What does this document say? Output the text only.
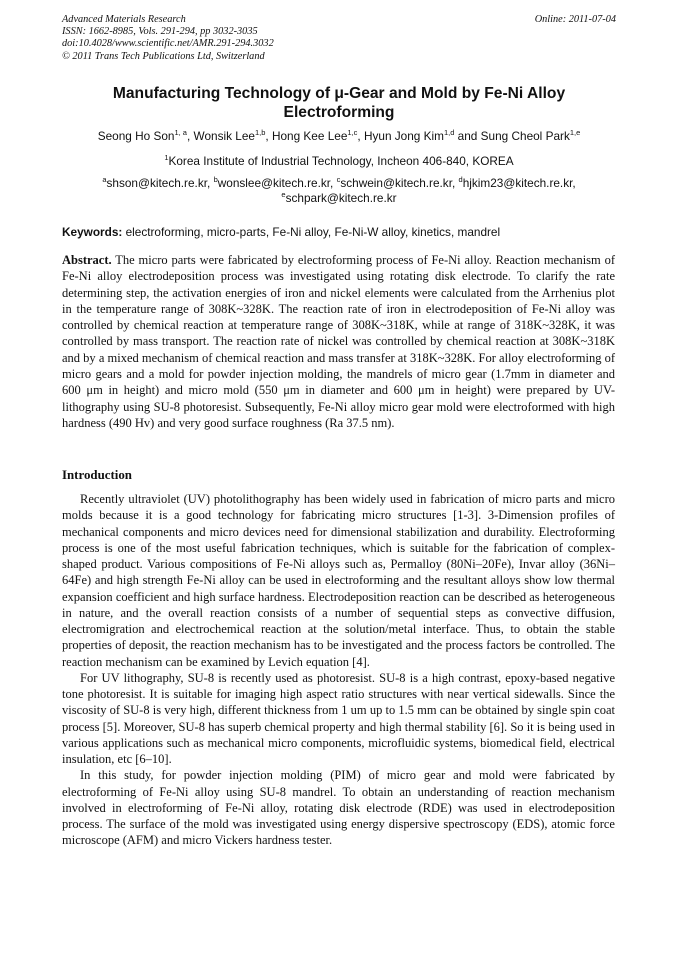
Advanced Materials Research
ISSN: 1662-8985, Vols. 291-294, pp 3032-3035
doi:10.4028/www.scientific.net/AMR.291-294.3032
© 2011 Trans Tech Publications Ltd, Switzerland
Online: 2011-07-04
Manufacturing Technology of μ-Gear and Mold by Fe-Ni Alloy
Electroforming
Seong Ho Son$^{1, a}$, Wonsik Lee$^{1,b}$, Hong Kee Lee$^{1,c}$, Hyun Jong Kim$^{1,d}$ and Sung Cheol Park$^{1,e}$
$^1$Korea Institute of Industrial Technology, Incheon 406-840, KOREA
$^a$shson@kitech.re.kr, $^b$wonslee@kitech.re.kr, $^c$schwein@kitech.re.kr, $^d$hjkim23@kitech.re.kr,
$^e$schpark@kitech.re.kr
Keywords: electroforming, micro-parts, Fe-Ni alloy, Fe-Ni-W alloy, kinetics, mandrel
Abstract. The micro parts were fabricated by electroforming process of Fe-Ni alloy. Reaction mechanism of Fe-Ni alloy electrodeposition process was investigated using rotating disk electrode. To clarify the rate determining step, the activation energies of iron and nickel elements were calculated from the Arrhenius plot in the temperature range of 308K~328K. The reaction rate of iron in electrodeposition of Fe-Ni alloy was controlled by chemical reaction at temperature range of 308K~318K, while at range of 318K~328K, it was controlled by mass transport. The reaction rate of nickel was controlled by chemical reaction at 308K~318K and by a mixed mechanism of chemical reaction and mass transfer at 318K~328K. For alloy electroforming of micro gears and a mold for powder injection molding, the mandrels of micro gear (1.7mm in diameter and 600 μm in height) and micro mold (550 μm in diameter and 600 μm in height) were prepared by UV-lithography using SU-8 photoresist. Subsequently, Fe-Ni alloy micro gear mold were electroformed with high hardness (490 Hv) and very good surface roughness (Ra 37.5 nm).
Introduction

Recently ultraviolet (UV) photolithography has been widely used in fabrication of micro parts and micro molds because it is a good technology for fabricating micro structures [1-3]. 3-Dimension profiles of mechanical components and micro devices need for dimensional stabilization and durability. Electroforming process is one of the most useful fabrication techniques, which is suitable for the fabrication of complex-shaped product. Various compositions of Fe-Ni alloys such as, Permalloy (80Ni–20Fe), Invar alloy (36Ni–64Fe) and high strength Fe-Ni alloy can be used in electroforming and the resultant alloys show low thermal expansion coefficient and high surface hardness. Electrodeposition reaction can be described as heterogeneous in nature, and the overall reaction consists of a number of sequential steps as convective diffusion, electromigration and electrochemical reaction at the solution/metal interface. Thus, to obtain the stable properties of deposit, the reaction mechanism has to be investigated and the process factors be controlled. The reaction mechanism can be examined by Levich equation [4].

For UV lithography, SU-8 is recently used as photoresist. SU-8 is a high contrast, epoxy-based negative tone photoresist. It is suitable for imaging high aspect ratio structures with near vertical sidewalls. Since the viscosity of SU-8 is very high, different thickness from 1 um up to 1.5 mm can be obtained by single spin coat process [5]. Moreover, SU-8 has superb chemical property and high thermal stability [6]. So it is being used in various applications such as mechanical micro components, microfluidic systems, biomedical field, electrical insulation, etc [6–10].

In this study, for powder injection molding (PIM) of micro gear and mold were fabricated by electroforming of Fe-Ni alloy using SU-8 mandrel. To obtain an understanding of reaction mechanism involved in electroforming of Fe-Ni alloy, rotating disk electrode (RDE) was used in electrodeposition process. The surface of the mold was investigated using energy dispersive spectroscopy (EDS), atomic force microscope (AFM) and micro Vickers hardness tester.
